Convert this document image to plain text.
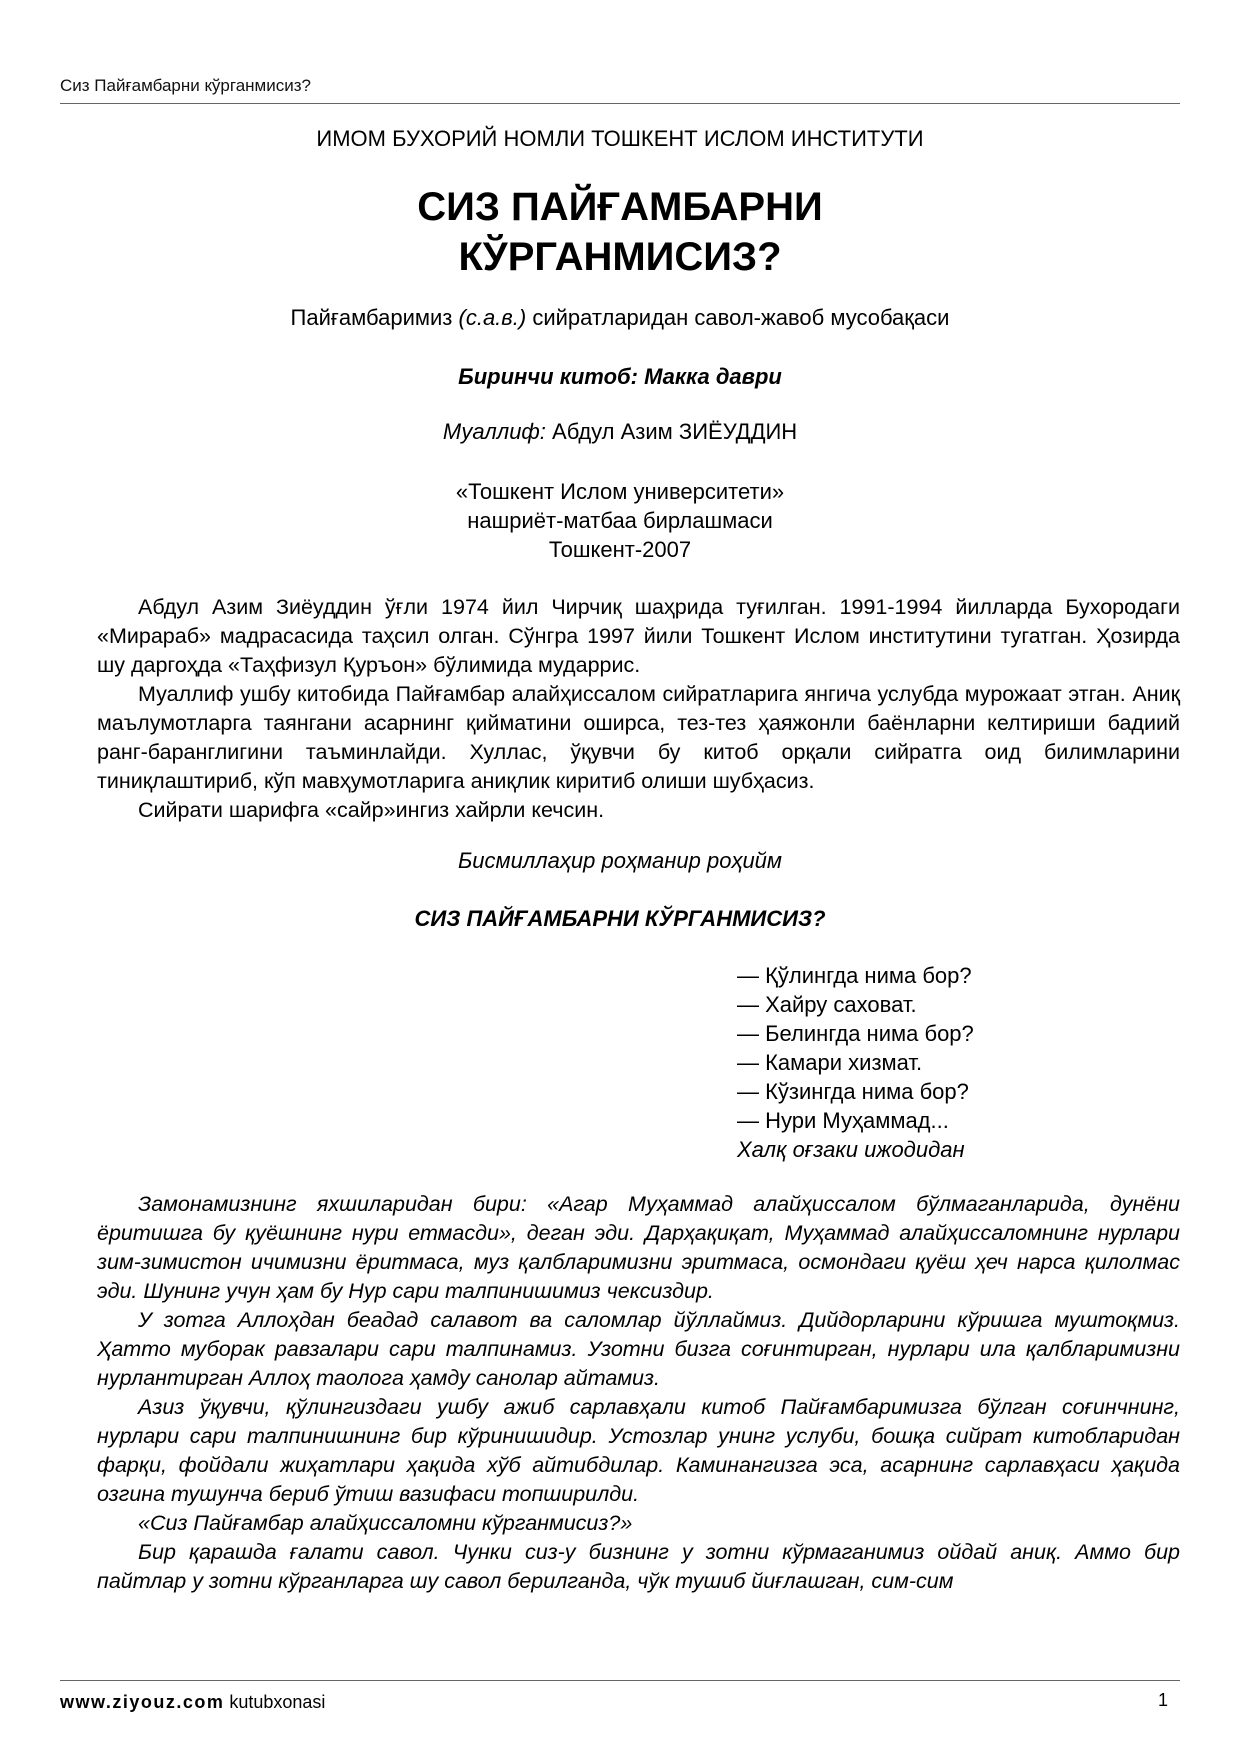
Сиз Пайғамбарни кўрганмисиз?
ИМОМ БУХОРИЙ НОМЛИ ТОШКЕНТ ИСЛОМ ИНСТИТУТИ
СИЗ ПАЙҒАМБАРНИ
КЎРГАНМИСИЗ?
Пайғамбаримиз (с.а.в.) сийратларидан савол-жавоб мусобақаси
Биринчи китоб: Макка даври
Муаллиф: Абдул Азим ЗИЁУДДИН
«Тошкент Ислом университети»
нашриёт-матбаа бирлашмаси
Тошкент-2007

Абдул Азим Зиёуддин ўғли 1974 йил Чирчиқ шаҳрида туғилган. 1991-1994 йилларда Бухородаги «Мирараб» мадрасасида таҳсил олган. Сўнгра 1997 йили Тошкент Ислом институтини тугатган. Ҳозирда шу даргоҳда «Таҳфизул Қуръон» бўлимида мударрис.

Муаллиф ушбу китобида Пайғамбар алайҳиссалом сийратларига янгича услубда мурожаат этган. Аниқ маълумотларга таянгани асарнинг қийматини оширса, тез-тез ҳаяжонли баёнларни келтириши бадиий ранг-баранглигини таъминлайди. Хуллас, ўқувчи бу китоб орқали сийратга оид билимларини тиниқлаштириб, кўп мавҳумотларига аниқлик киритиб олиши шубҳасиз.

Сийрати шарифга «сайр»ингиз хайрли кечсин.

Бисмиллаҳир роҳманир роҳийм
СИЗ ПАЙҒАМБАРНИ КЎРГАНМИСИЗ?
— Қўлингда нима бор?
— Хайру саховат.
— Белингда нима бор?
— Камари хизмат.
— Кўзингда нима бор?
— Нури Муҳаммад...
Халқ оғзаки ижодидан

Замонамизнинг яхшиларидан бири: «Агар Муҳаммад алайҳиссалом бўлмаганларида, дунёни ёритишга бу қуёшнинг нури етмасди», деган эди. Дарҳақиқат, Муҳаммад алайҳиссаломнинг нурлари зим-зимистон ичимизни ёритмаса, муз қалбларимизни эритмаса, осмондаги қуёш ҳеч нарса қилолмас эди. Шунинг учун ҳам бу Нур сари талпинишимиз чексиздир.

У зотга Аллоҳдан беадад салавот ва саломлар йўллаймиз. Дийдорларини кўришга муштоқмиз. Ҳатто муборак равзалари сари талпинамиз. Узотни бизга соғинтирган, нурлари ила қалбларимизни нурлантирган Аллоҳ таологa ҳамду санолар айтамиз.

Азиз ўқувчи, қўлингиздаги ушбу ажиб сарлавҳали китоб Пайғамбаримизга бўлган соғинчнинг, нурлари сари талпинишнинг бир кўринишидир. Устозлар унинг услуби, бошқа сийрат китобларидан фарқи, фойдали жиҳатлари ҳақида хўб айтибдилар. Каминангизга эса, асарнинг сарлавҳаси ҳақида озгина тушунча бериб ўтиш вазифаси топширилди.

«Сиз Пайғамбар алайҳиссаломни кўрганмисиз?»

Бир қарашда ғалати савол. Чунки сиз-у бизнинг у зотни кўрмаганимиз ойдай аниқ. Аммо бир пайтлар у зотни кўрганларга шу савол берилганда, чўк тушиб йиғлашган, сим-сим

www.ziyouz.com kutubxonasi	1
